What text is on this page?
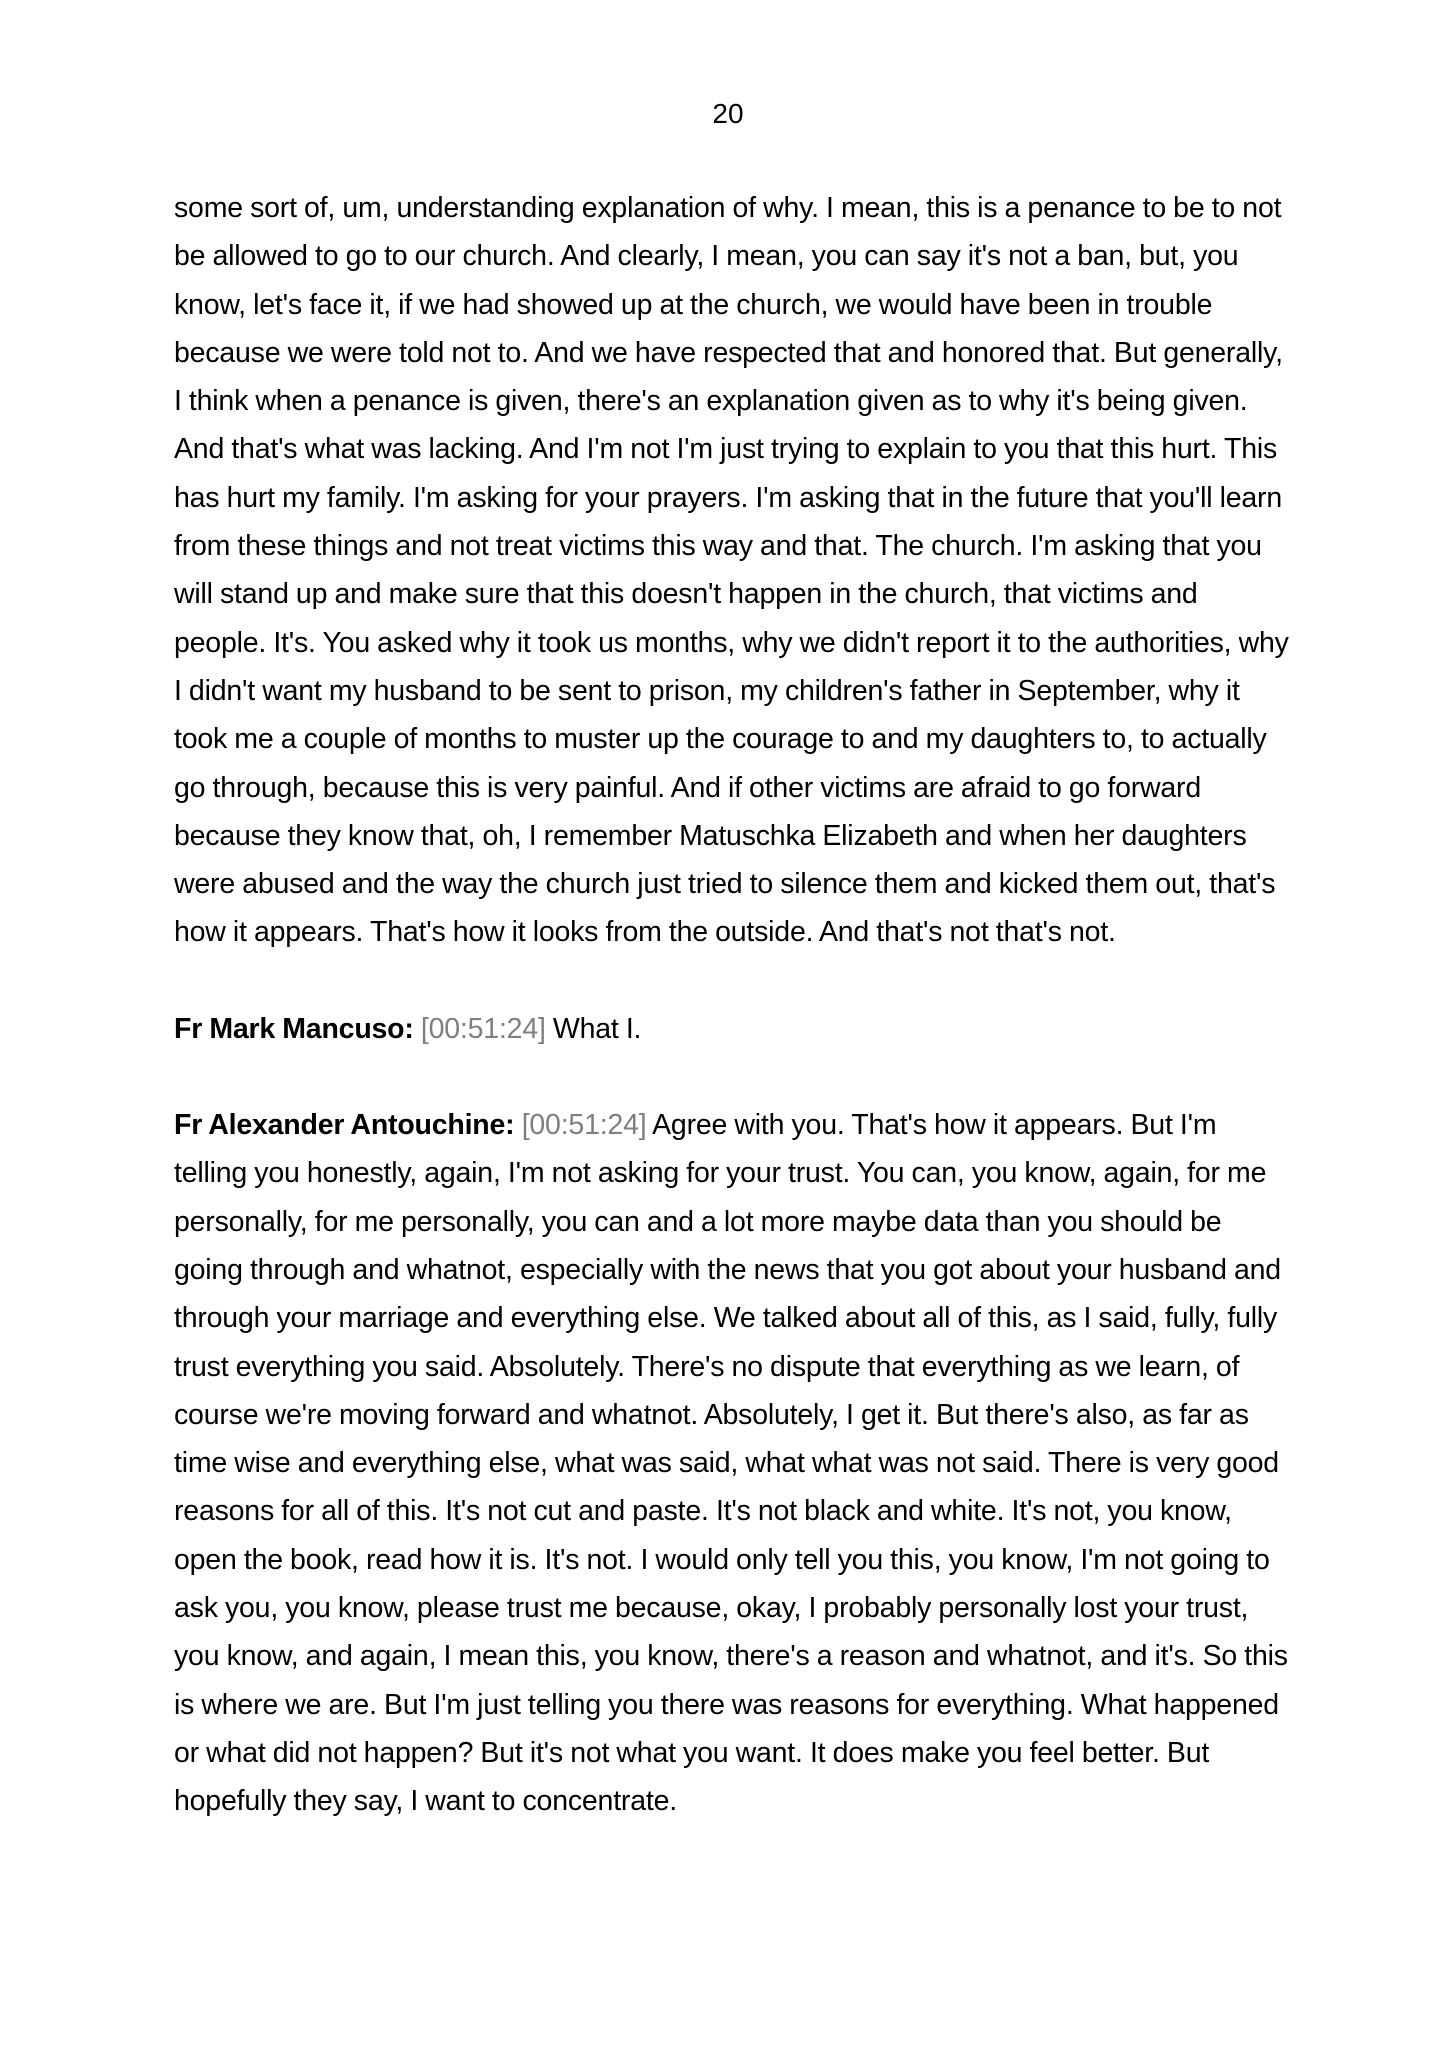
20

some sort of, um, understanding explanation of why. I mean, this is a penance to be to not be allowed to go to our church. And clearly, I mean, you can say it's not a ban, but, you know, let's face it, if we had showed up at the church, we would have been in trouble because we were told not to. And we have respected that and honored that. But generally, I think when a penance is given, there's an explanation given as to why it's being given. And that's what was lacking. And I'm not I'm just trying to explain to you that this hurt. This has hurt my family. I'm asking for your prayers. I'm asking that in the future that you'll learn from these things and not treat victims this way and that. The church. I'm asking that you will stand up and make sure that this doesn't happen in the church, that victims and people. It's. You asked why it took us months, why we didn't report it to the authorities, why I didn't want my husband to be sent to prison, my children's father in September, why it took me a couple of months to muster up the courage to and my daughters to, to actually go through, because this is very painful. And if other victims are afraid to go forward because they know that, oh, I remember Matuschka Elizabeth and when her daughters were abused and the way the church just tried to silence them and kicked them out, that's how it appears. That's how it looks from the outside. And that's not that's not.

Fr Mark Mancuso: [00:51:24] What I.

Fr Alexander Antouchine: [00:51:24] Agree with you. That's how it appears. But I'm telling you honestly, again, I'm not asking for your trust. You can, you know, again, for me personally, for me personally, you can and a lot more maybe data than you should be going through and whatnot, especially with the news that you got about your husband and through your marriage and everything else. We talked about all of this, as I said, fully, fully trust everything you said. Absolutely. There's no dispute that everything as we learn, of course we're moving forward and whatnot. Absolutely, I get it. But there's also, as far as time wise and everything else, what was said, what what was not said. There is very good reasons for all of this. It's not cut and paste. It's not black and white. It's not, you know, open the book, read how it is. It's not. I would only tell you this, you know, I'm not going to ask you, you know, please trust me because, okay, I probably personally lost your trust, you know, and again, I mean this, you know, there's a reason and whatnot, and it's. So this is where we are. But I'm just telling you there was reasons for everything. What happened or what did not happen? But it's not what you want. It does make you feel better. But hopefully they say, I want to concentrate.
